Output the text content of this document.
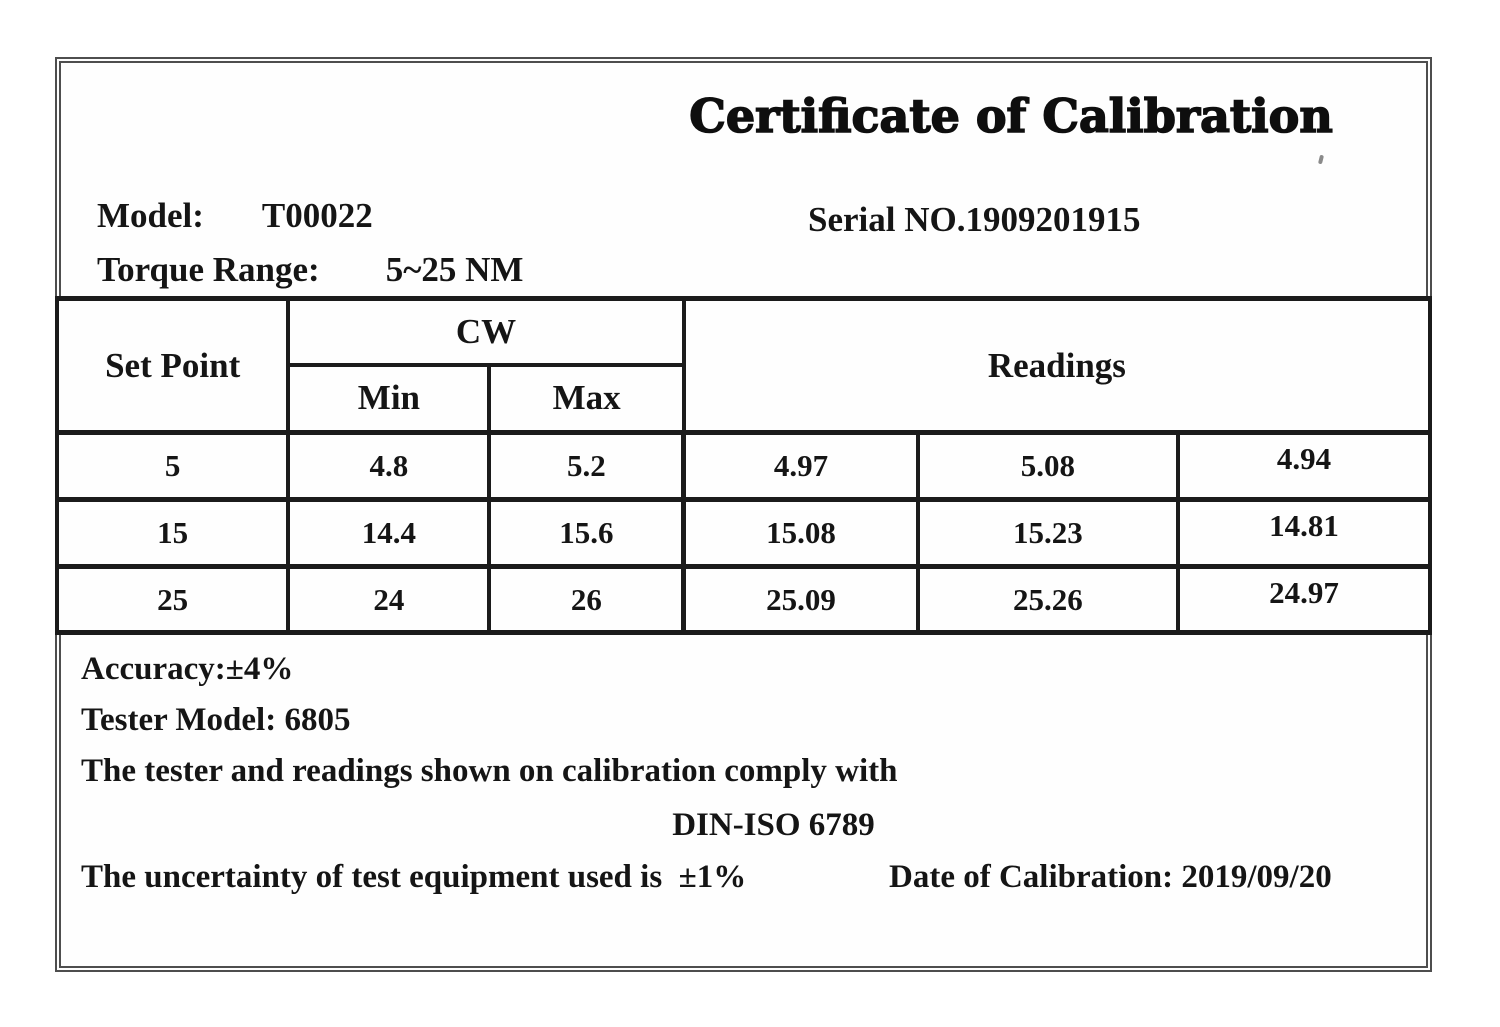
Certificate of Calibration
Model: T00022	Serial NO.1909201915
Torque Range: 5~25 NM
Set Point	CW		Readings		
	Min	Max			
5	4.8	5.2	4.97	5.08	4.94
15	14.4	15.6	15.08	15.23	14.81
25	24	26	25.09	25.26	24.97
Accuracy:±4%
Tester Model: 6805
The tester and readings shown on calibration comply with
DIN-ISO 6789
The uncertainty of test equipment used is  ±1%	Date of Calibration: 2019/09/20
